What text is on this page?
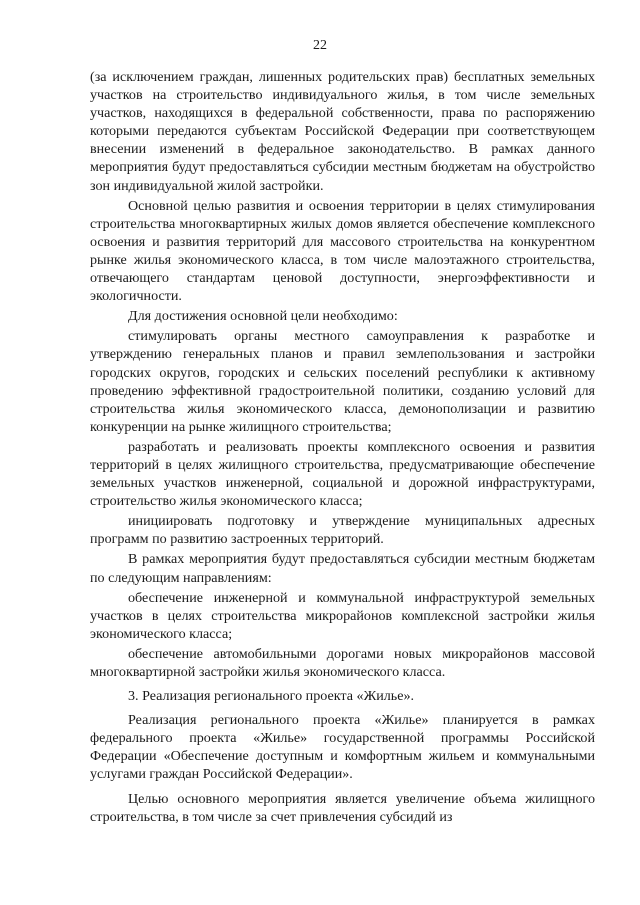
22

(за исключением граждан, лишенных родительских прав) бесплатных земельных участков на строительство индивидуального жилья, в том числе земельных участков, находящихся в федеральной собственности, права по распоряжению которыми передаются субъектам Российской Федерации при соответствующем внесении изменений в федеральное законодательство. В рамках данного мероприятия будут предоставляться субсидии местным бюджетам на обустройство зон индивидуальной жилой застройки.

Основной целью развития и освоения территории в целях стимулирования строительства многоквартирных жилых домов является обеспечение комплексного освоения и развития территорий для массового строительства на конкурентном рынке жилья экономического класса, в том числе малоэтажного строительства, отвечающего стандартам ценовой доступности, энергоэффективности и экологичности.

Для достижения основной цели необходимо:

стимулировать органы местного самоуправления к разработке и утверждению генеральных планов и правил землепользования и застройки городских округов, городских и сельских поселений республики к активному проведению эффективной градостроительной политики, созданию условий для строительства жилья экономического класса, демонополизации и развитию конкуренции на рынке жилищного строительства;

разработать и реализовать проекты комплексного освоения и развития территорий в целях жилищного строительства, предусматривающие обеспечение земельных участков инженерной, социальной и дорожной инфраструктурами, строительство жилья экономического класса;

инициировать подготовку и утверждение муниципальных адресных программ по развитию застроенных территорий.

В рамках мероприятия будут предоставляться субсидии местным бюджетам по следующим направлениям:

обеспечение инженерной и коммунальной инфраструктурой земельных участков в целях строительства микрорайонов комплексной застройки жилья экономического класса;

обеспечение автомобильными дорогами новых микрорайонов массовой многоквартирной застройки жилья экономического класса.

3. Реализация регионального проекта «Жилье».

Реализация регионального проекта «Жилье» планируется в рамках федерального проекта «Жилье» государственной программы Российской Федерации «Обеспечение доступным и комфортным жильем и коммунальными услугами граждан Российской Федерации».

Целью основного мероприятия является увеличение объема жилищного строительства, в том числе за счет привлечения субсидий из
